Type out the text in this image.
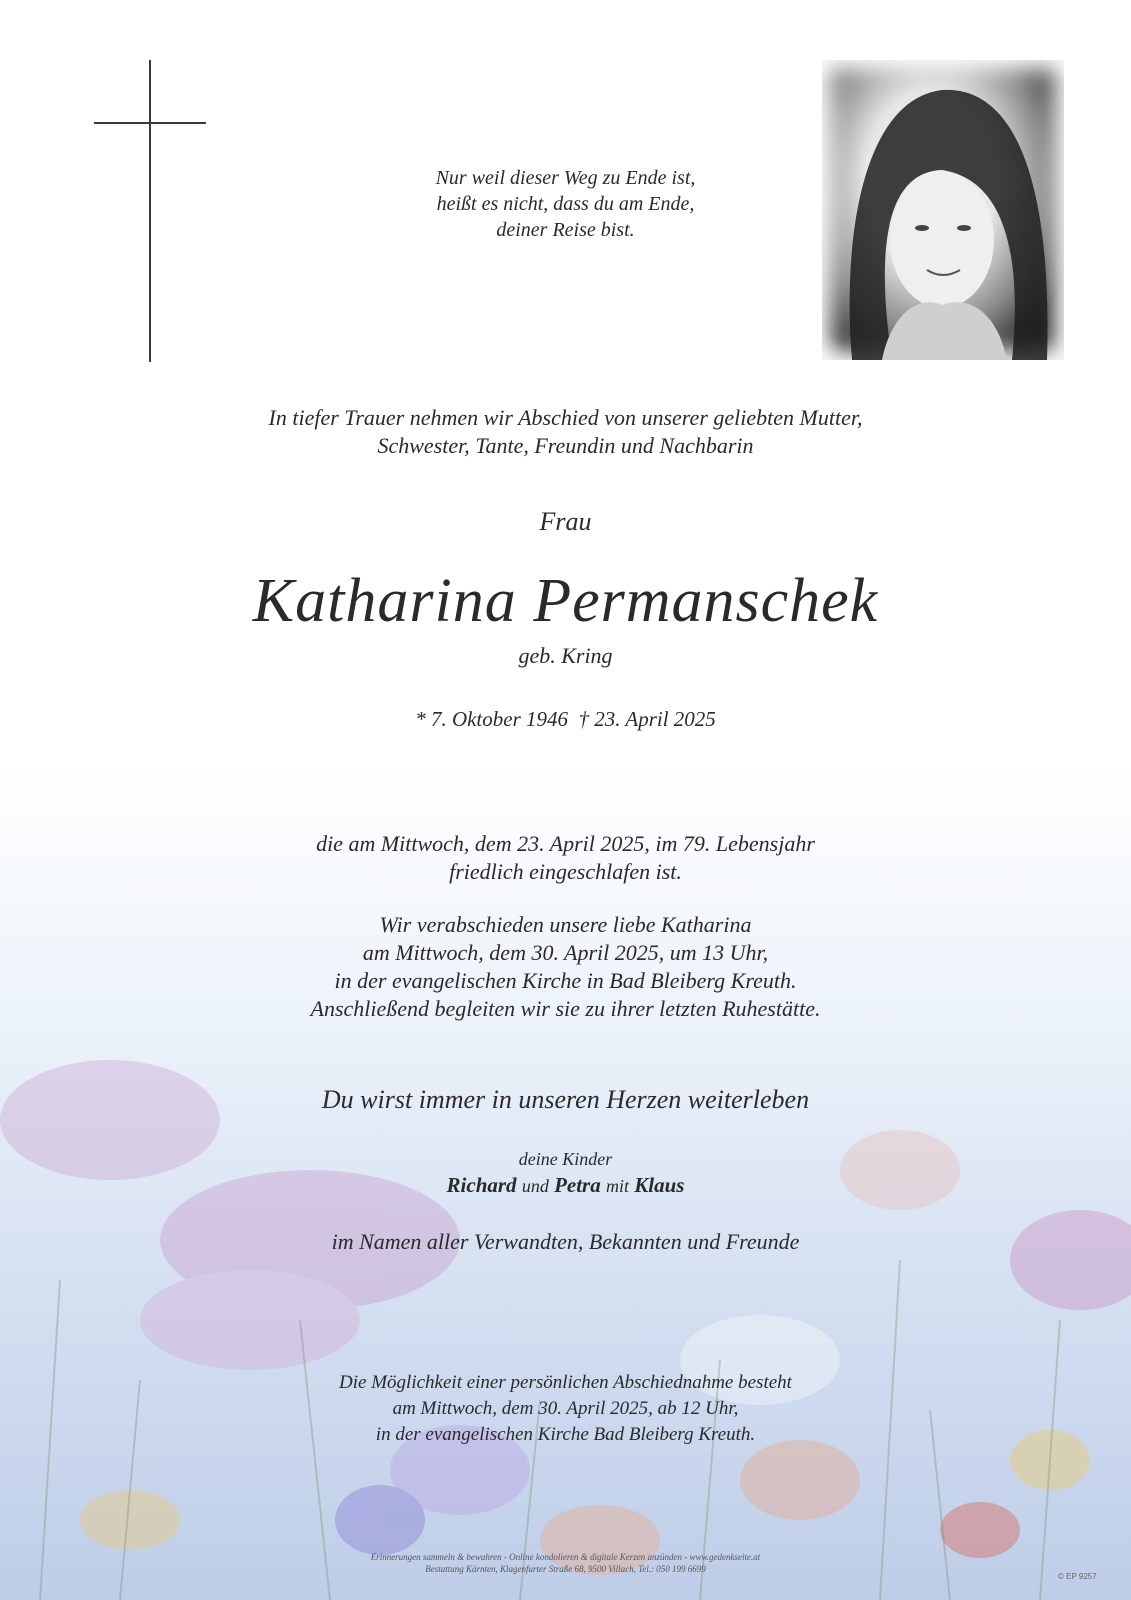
Nur weil dieser Weg zu Ende ist,
heißt es nicht, dass du am Ende,
deiner Reise bist.
In tiefer Trauer nehmen wir Abschied von unserer geliebten Mutter,
Schwester, Tante, Freundin und Nachbarin
Frau
Katharina Permanschek
geb. Kring
* 7. Oktober 1946  † 23. April 2025
die am Mittwoch, dem 23. April 2025, im 79. Lebensjahr
friedlich eingeschlafen ist.
Wir verabschieden unsere liebe Katharina
am Mittwoch, dem 30. April 2025, um 13 Uhr,
in der evangelischen Kirche in Bad Bleiberg Kreuth.
Anschließend begleiten wir sie zu ihrer letzten Ruhestätte.
Du wirst immer in unseren Herzen weiterleben
deine Kinder
Richard und Petra mit Klaus
im Namen aller Verwandten, Bekannten und Freunde
Die Möglichkeit einer persönlichen Abschiednahme besteht
am Mittwoch, dem 30. April 2025, ab 12 Uhr,
in der evangelischen Kirche Bad Bleiberg Kreuth.
Erinnerungen sammeln & bewahren - Online kondolieren & digitale Kerzen anzünden - www.gedenkseite.at
Bestattung Kärnten, Klagenfurter Straße 68, 9500 Villach, Tel.: 050 199 6699
© EP 9257
